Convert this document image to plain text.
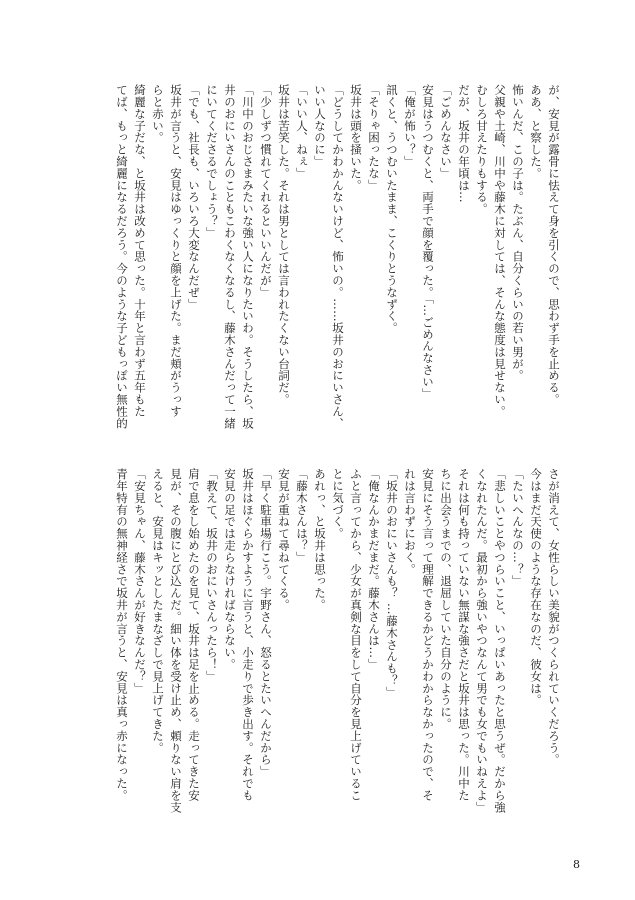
が、安見が露骨に怯えて身を引くので、思わず手を止める。

ああ、と察した。

怖いんだ、この子は。たぶん、自分くらいの若い男が。

父親や土崎、川中や藤木に対しては、そんな態度は見せない。

むしろ甘えたりもする。

だが、坂井の年頃は…

「ごめんなさい」

安見はうつむくと、両手で顔を覆った。「…ごめんなさい」

「俺が怖い？」

訊くと、うつむいたまま、こくりとうなずく。

「そりゃ困ったな」

坂井は頭を掻いた。

「どうしてかわかんないけど、怖いの。……坂井のおにいさん、

いい人なのに」

「いい人、ねぇ」

坂井は苦笑した。それは男としては言われたくない台詞だ。

「少しずつ慣れてくれるといいんだが」

「川中のおじさまみたいな強い人になりたいわ。そうしたら、坂

井のおにいさんのこともこわくなくなるし、藤木さんだって一緒

にいてくださるでしょう？」

「でも、社長も、いろいろ大変なんだぜ」

坂井が言うと、安見はゆっくりと顔を上げた。まだ頬がうっす

らと赤い。

綺麗な子だな、と坂井は改めて思った。十年と言わず五年もた

てば、もっと綺麗になるだろう。今のような子どもっぽい無性的

さが消えて、女性らしい美貌がつくられていくだろう。

今はまだ天使のような存在なのだ、彼女は。

「たいへんなの…？」

「悲しいことやつらいこと、いっぱいあったと思うぜ。だから強

くなれたんだ。最初から強いやつなんて男でも女でもいねえよ」

それは何も持っていない無謀な強さだと坂井は思った。川中た

ちに出会うまでの、退屈していた自分のように。

安見にそう言って理解できるかどうかわからなかったので、そ

れは言わずにおく。

「坂井のおにいさんも？ …藤木さんも？」

「俺なんかまだまだ。藤木さんは…」

ふと言ってから、少女が真剣な目をして自分を見上げているこ

とに気づく。

あれっ、と坂井は思った。

「藤木さんは？」

安見が重ねて尋ねてくる。

「早く駐車場行こう。宇野さん、怒るとたいへんだから」

坂井はほぐらかすように言うと、小走りで歩き出す。それでも

安見の足では走らなければならない。

「教えて、坂井のおにいさんったら！」

肩で息をし始めたのを見て、坂井は足を止める。走ってきた安

見が、その腹にとび込んだ。細い体を受け止め、頼りない肩を支

えると、安見はキッとしたまなざしで見上げてきた。

「安見ちゃん、藤木さんが好きなんだ？」

青年特有の無神経さで坂井が言うと、安見は真っ赤になった。

8
